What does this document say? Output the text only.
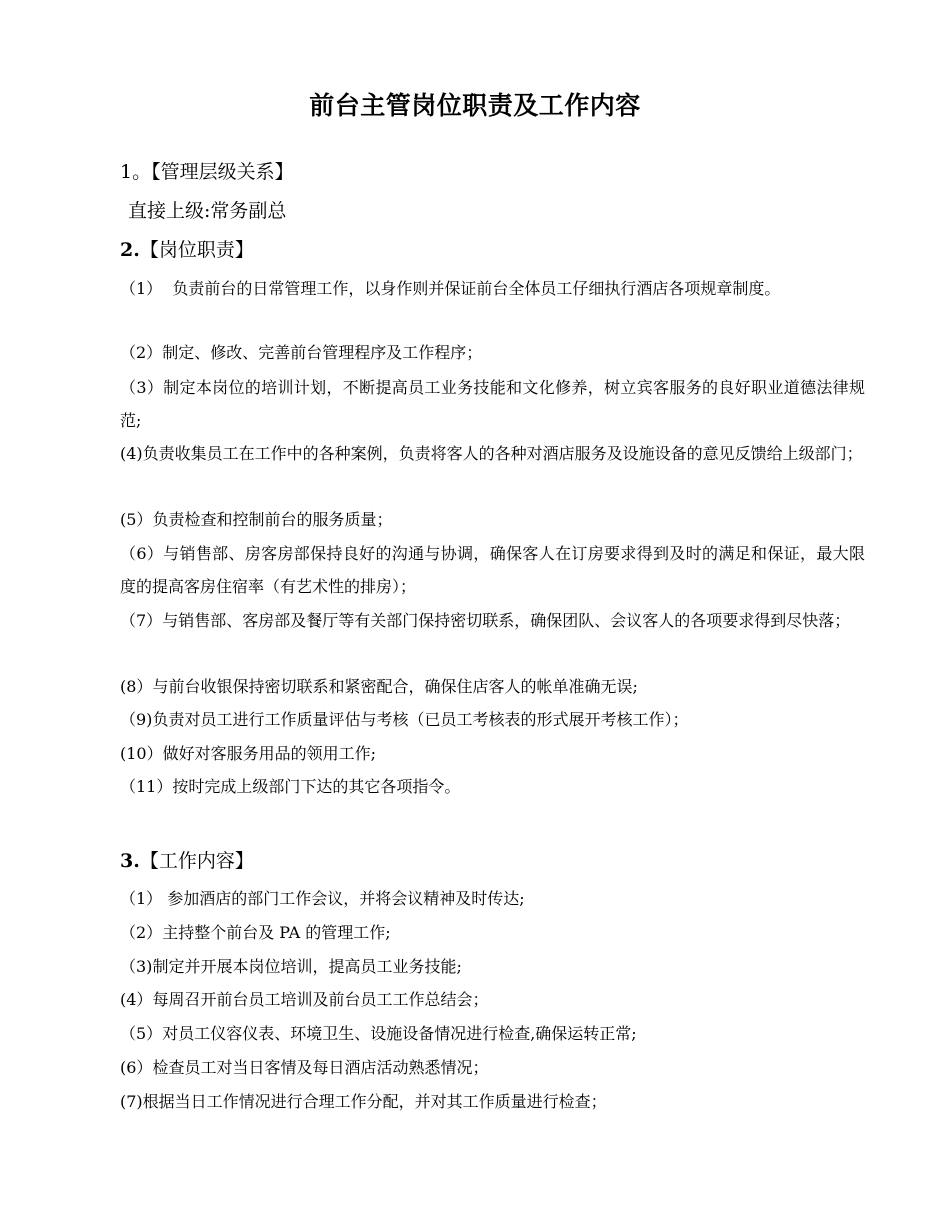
前台主管岗位职责及工作内容
1。【管理层级关系】
直接上级:常务副总
2.【岗位职责】
（1） 负责前台的日常管理工作，以身作则并保证前台全体员工仔细执行酒店各项规章制度。
（2）制定、修改、完善前台管理程序及工作程序；
（3）制定本岗位的培训计划，不断提高员工业务技能和文化修养，树立宾客服务的良好职业道德法律规范;
(4)负责收集员工在工作中的各种案例，负责将客人的各种对酒店服务及设施设备的意见反馈给上级部门；
(5）负责检查和控制前台的服务质量；
（6）与销售部、房客房部保持良好的沟通与协调，确保客人在订房要求得到及时的满足和保证，最大限度的提高客房住宿率（有艺术性的排房）；
（7）与销售部、客房部及餐厅等有关部门保持密切联系，确保团队、会议客人的各项要求得到尽快落；
(8）与前台收银保持密切联系和紧密配合，确保住店客人的帐单准确无误;
（9)负责对员工进行工作质量评估与考核（已员工考核表的形式展开考核工作）；
(10）做好对客服务用品的领用工作;
（11）按时完成上级部门下达的其它各项指令。
3.【工作内容】
（1） 参加酒店的部门工作会议，并将会议精神及时传达;
（2）主持整个前台及 PA 的管理工作;
（3)制定并开展本岗位培训，提高员工业务技能;
(4）每周召开前台员工培训及前台员工工作总结会；
（5）对员工仪容仪表、环境卫生、设施设备情况进行检查,确保运转正常;
(6）检查员工对当日客情及每日酒店活动熟悉情况；
(7)根据当日工作情况进行合理工作分配，并对其工作质量进行检查；
